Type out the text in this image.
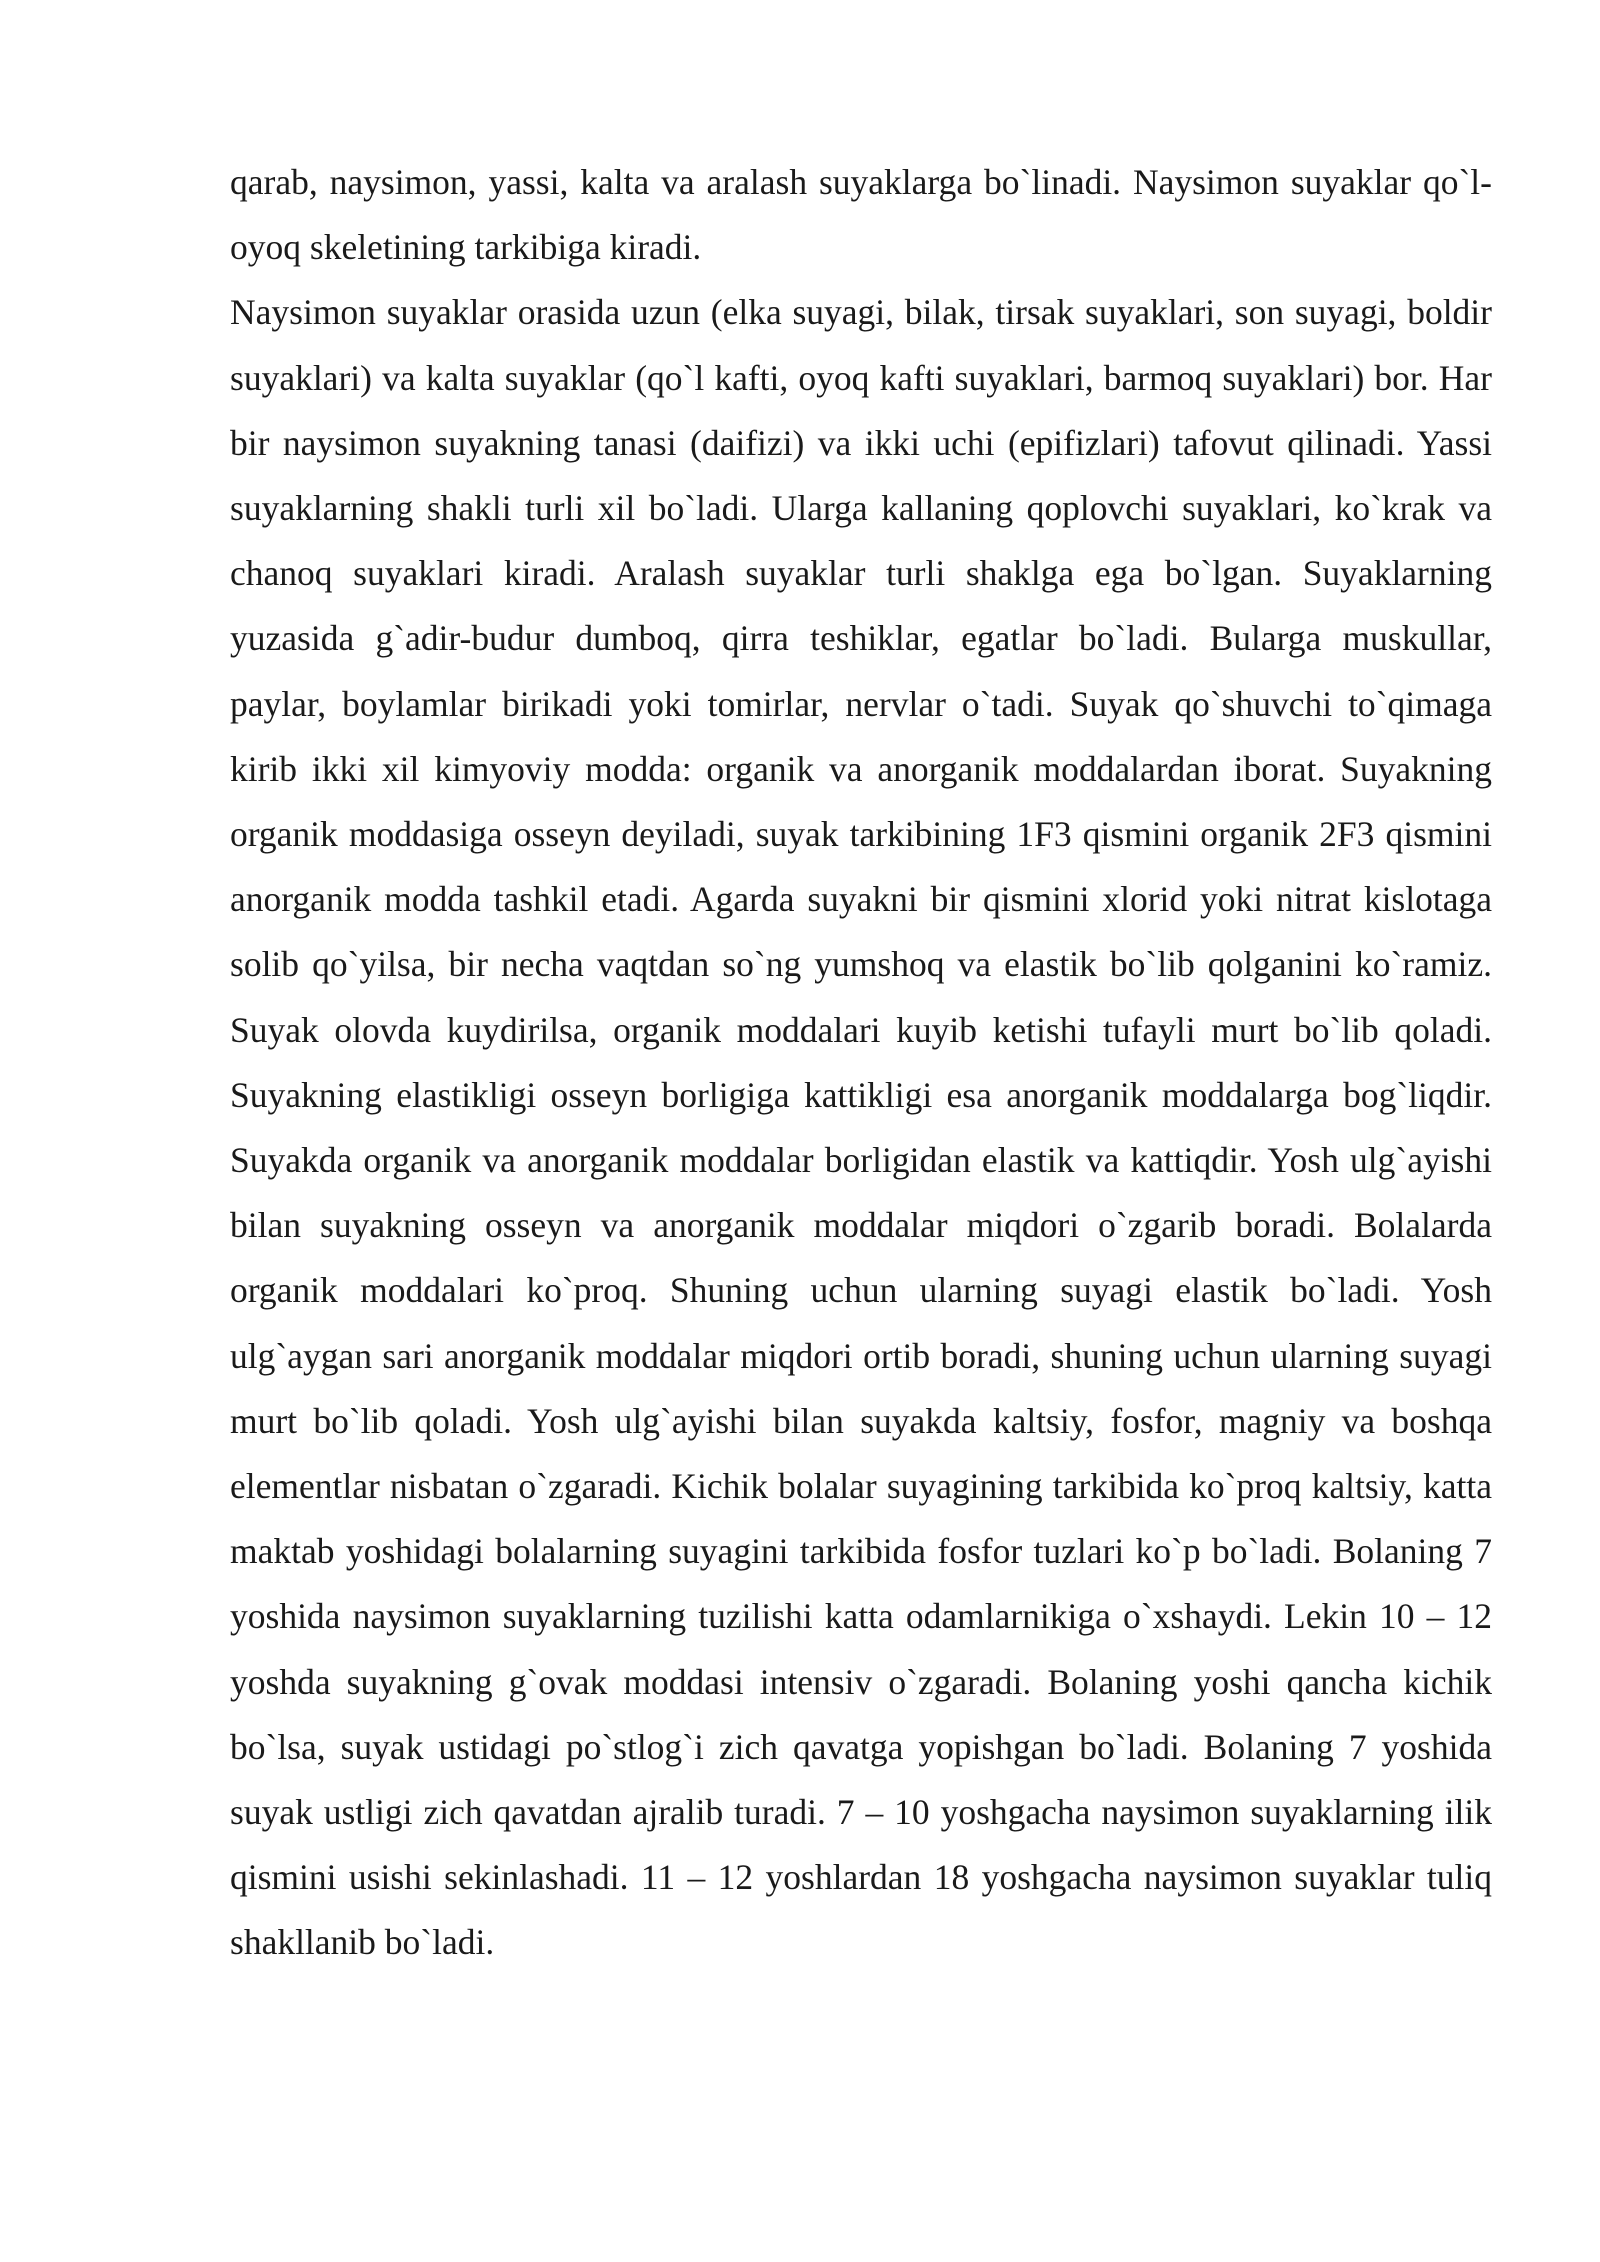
qarab, naysimon, yassi, kalta va aralash suyaklarga bo`linadi. Naysimon suyaklar qo`l-oyoq skeletining tarkibiga kiradi.

Naysimon suyaklar orasida uzun (elka suyagi, bilak, tirsak suyaklari, son suyagi, boldir suyaklari) va kalta suyaklar (qo`l kafti, oyoq kafti suyaklari, barmoq suyaklari) bor. Har bir naysimon suyakning tanasi (daifizi) va ikki uchi (epifizlari) tafovut qilinadi. Yassi suyaklarning shakli turli xil bo`ladi. Ularga kallaning qoplovchi suyaklari, ko`krak va chanoq suyaklari kiradi. Aralash suyaklar turli shaklga ega bo`lgan. Suyaklarning yuzasida g`adir-budur dumboq, qirra teshiklar, egatlar bo`ladi. Bularga muskullar, paylar, boylamlar birikadi yoki tomirlar, nervlar o`tadi. Suyak qo`shuvchi to`qimaga kirib ikki xil kimyoviy modda: organik va anorganik moddalardan iborat. Suyakning organik moddasiga osseyn deyiladi, suyak tarkibining 1F3 qismini organik 2F3 qismini anorganik modda tashkil etadi. Agarda suyakni bir qismini xlorid yoki nitrat kislotaga solib qo`yilsa, bir necha vaqtdan so`ng yumshoq va elastik bo`lib qolganini ko`ramiz. Suyak olovda kuydirilsa, organik moddalari kuyib ketishi tufayli murt bo`lib qoladi. Suyakning elastikligi osseyn borligiga kattikligi esa anorganik moddalarga bog`liqdir. Suyakda organik va anorganik moddalar borligidan elastik va kattiqdir. Yosh ulg`ayishi bilan suyakning osseyn va anorganik moddalar miqdori o`zgarib boradi. Bolalarda organik moddalari ko`proq. Shuning uchun ularning suyagi elastik bo`ladi. Yosh ulg`aygan sari anorganik moddalar miqdori ortib boradi, shuning uchun ularning suyagi murt bo`lib qoladi. Yosh ulg`ayishi bilan suyakda kaltsiy, fosfor, magniy va boshqa elementlar nisbatan o`zgaradi. Kichik bolalar suyagining tarkibida ko`proq kaltsiy, katta maktab yoshidagi bolalarning suyagini tarkibida fosfor tuzlari ko`p bo`ladi. Bolaning 7 yoshida naysimon suyaklarning tuzilishi katta odamlarnikiga o`xshaydi. Lekin 10 – 12 yoshda suyakning g`ovak moddasi intensiv o`zgaradi. Bolaning yoshi qancha kichik bo`lsa, suyak ustidagi po`stlog`i zich qavatga yopishgan bo`ladi. Bolaning 7 yoshida suyak ustligi zich qavatdan ajralib turadi. 7 – 10 yoshgacha naysimon suyaklarning ilik qismini usishi sekinlashadi. 11 – 12 yoshlardan 18 yoshgacha naysimon suyaklar tuliq shakllanib bo`ladi.
